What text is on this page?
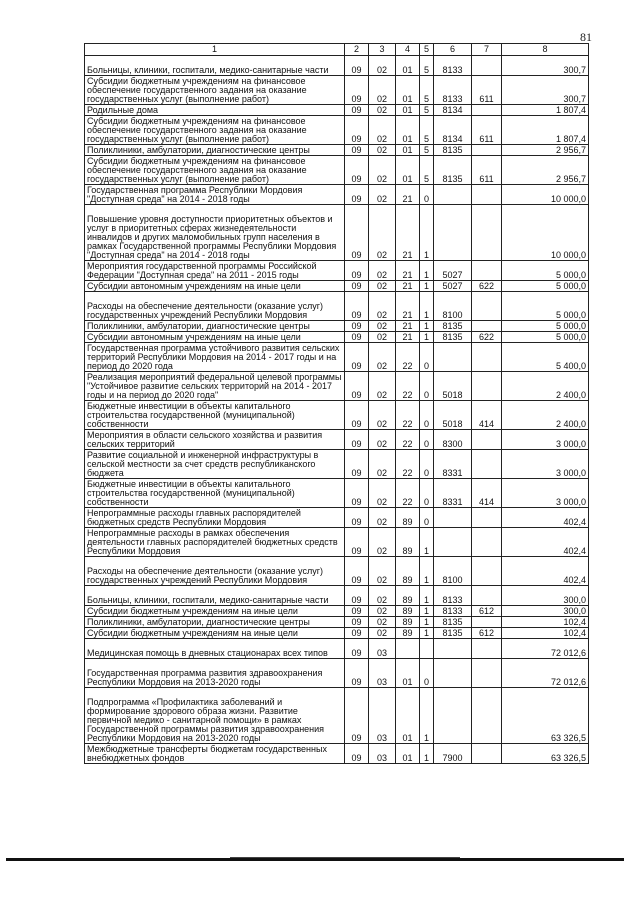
81
1	2	3	4	5	6	7	8
Больницы, клиники, госпитали, медико-санитарные части	09	02	01	5	8133		300,7
Субсидии бюджетным учреждениям на финансовое обеспечение государственного задания на оказание государственных услуг (выполнение работ)	09	02	01	5	8133	611	300,7
Родильные дома	09	02	01	5	8134		1 807,4
Субсидии бюджетным учреждениям на финансовое обеспечение государственного задания на оказание государственных услуг (выполнение работ)	09	02	01	5	8134	611	1 807,4
Поликлиники, амбулатории, диагностические центры	09	02	01	5	8135		2 956,7
Субсидии бюджетным учреждениям на финансовое обеспечение государственного задания на оказание государственных услуг (выполнение работ)	09	02	01	5	8135	611	2 956,7
Государственная программа Республики Мордовия "Доступная среда" на 2014 - 2018 годы	09	02	21	0			10 000,0
Повышение уровня доступности приоритетных объектов и услуг в приоритетных сферах жизнедеятельности инвалидов и других маломобильных групп населения в рамках Государственной программы Республики Мордовия "Доступная среда" на 2014 - 2018 годы	09	02	21	1			10 000,0
Мероприятия государственной программы Российской Федерации "Доступная среда" на 2011 - 2015 годы	09	02	21	1	5027		5 000,0
Субсидии автономным учреждениям на иные цели	09	02	21	1	5027	622	5 000,0
Расходы на обеспечение деятельности (оказание услуг) государственных учреждений Республики Мордовия	09	02	21	1	8100		5 000,0
Поликлиники, амбулатории, диагностические центры	09	02	21	1	8135		5 000,0
Субсидии автономным учреждениям на иные цели	09	02	21	1	8135	622	5 000,0
Государственная программа устойчивого развития сельских территорий Республики Мордовия на 2014 - 2017 годы и на период до 2020 года	09	02	22	0			5 400,0
Реализация мероприятий федеральной целевой программы "Устойчивое развитие сельских территорий на 2014 - 2017 годы и на период до 2020 года"	09	02	22	0	5018		2 400,0
Бюджетные инвестиции в объекты капитального строительства государственной (муниципальной) собственности	09	02	22	0	5018	414	2 400,0
Мероприятия в области сельского хозяйства и развития сельских территорий	09	02	22	0	8300		3 000,0
Развитие социальной и инженерной инфраструктуры в сельской местности за счет средств республиканского бюджета	09	02	22	0	8331		3 000,0
Бюджетные инвестиции в объекты капитального строительства государственной (муниципальной) собственности	09	02	22	0	8331	414	3 000,0
Непрограммные расходы главных распорядителей бюджетных средств Республики Мордовия	09	02	89	0			402,4
Непрограммные расходы в рамках обеспечения деятельности главных распорядителей бюджетных средств Республики Мордовия	09	02	89	1			402,4
Расходы на обеспечение деятельности (оказание услуг) государственных учреждений Республики Мордовия	09	02	89	1	8100		402,4
Больницы, клиники, госпитали, медико-санитарные части	09	02	89	1	8133		300,0
Субсидии бюджетным учреждениям на иные цели	09	02	89	1	8133	612	300,0
Поликлиники, амбулатории, диагностические центры	09	02	89	1	8135		102,4
Субсидии бюджетным учреждениям на иные цели	09	02	89	1	8135	612	102,4
Медицинская помощь в дневных стационарах всех типов	09	03					72 012,6
Государственная программа развития здравоохранения Республики Мордовия на 2013-2020 годы	09	03	01	0			72 012,6
Подпрограмма «Профилактика заболеваний и формирование здорового образа жизни. Развитие первичной медико - санитарной помощи» в рамках Государственной программы развития здравоохранения Республики Мордовия на 2013-2020 годы	09	03	01	1			63 326,5
Межбюджетные трансферты бюджетам государственных внебюджетных фондов	09	03	01	1	7900		63 326,5
